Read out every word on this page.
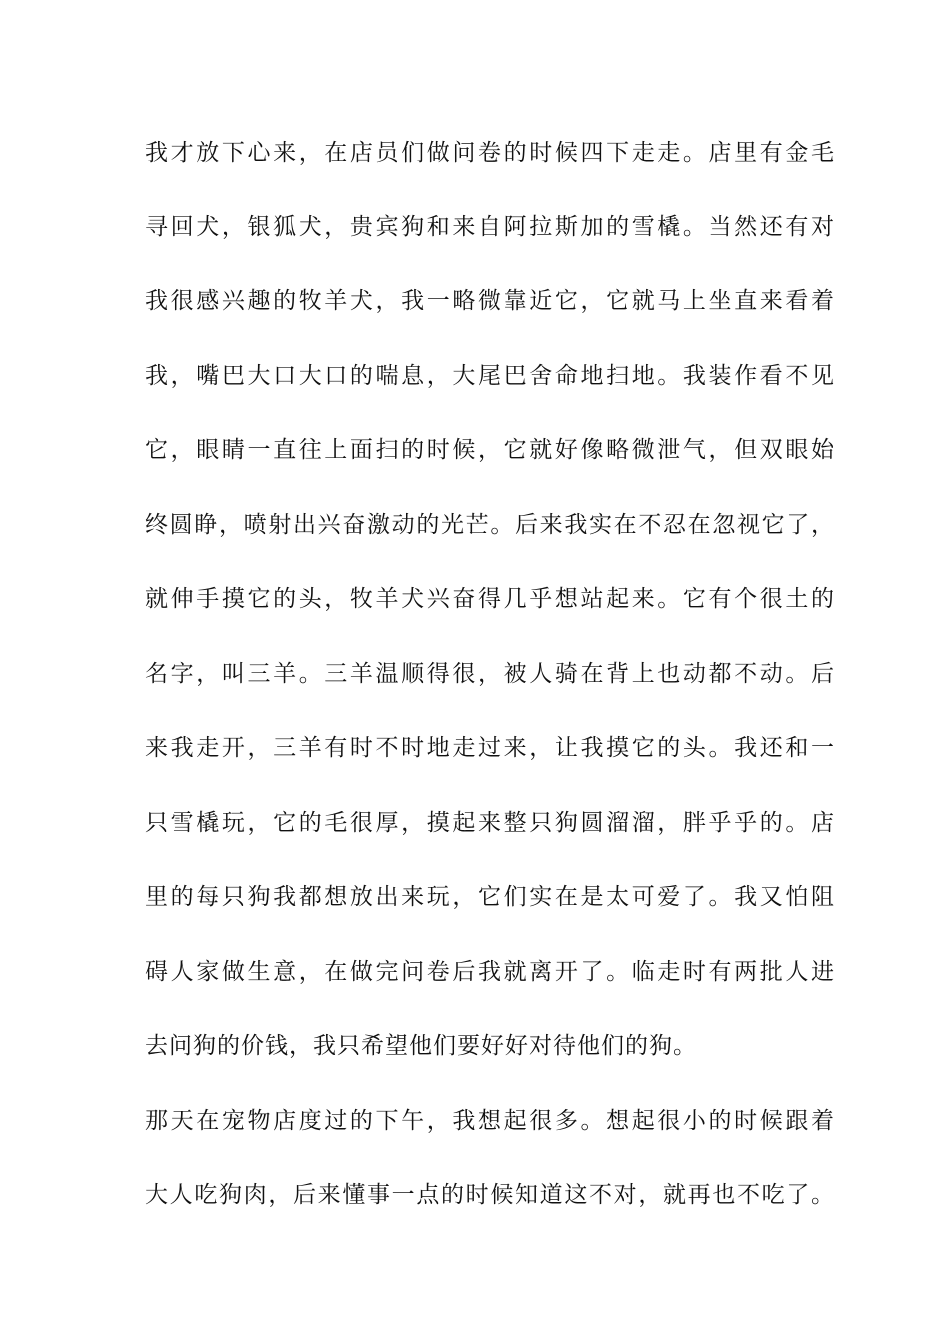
我才放下心来，在店员们做问卷的时候四下走走。店里有金毛
寻回犬，银狐犬，贵宾狗和来自阿拉斯加的雪橇。当然还有对
我很感兴趣的牧羊犬，我一略微靠近它，它就马上坐直来看着
我，嘴巴大口大口的喘息，大尾巴舍命地扫地。我装作看不见
它，眼睛一直往上面扫的时候，它就好像略微泄气，但双眼始
终圆睁，喷射出兴奋激动的光芒。后来我实在不忍在忽视它了，
就伸手摸它的头，牧羊犬兴奋得几乎想站起来。它有个很土的
名字，叫三羊。三羊温顺得很，被人骑在背上也动都不动。后
来我走开，三羊有时不时地走过来，让我摸它的头。我还和一
只雪橇玩，它的毛很厚，摸起来整只狗圆溜溜，胖乎乎的。店
里的每只狗我都想放出来玩，它们实在是太可爱了。我又怕阻
碍人家做生意，在做完问卷后我就离开了。临走时有两批人进
去问狗的价钱，我只希望他们要好好对待他们的狗。
那天在宠物店度过的下午，我想起很多。想起很小的时候跟着
大人吃狗肉，后来懂事一点的时候知道这不对，就再也不吃了。
